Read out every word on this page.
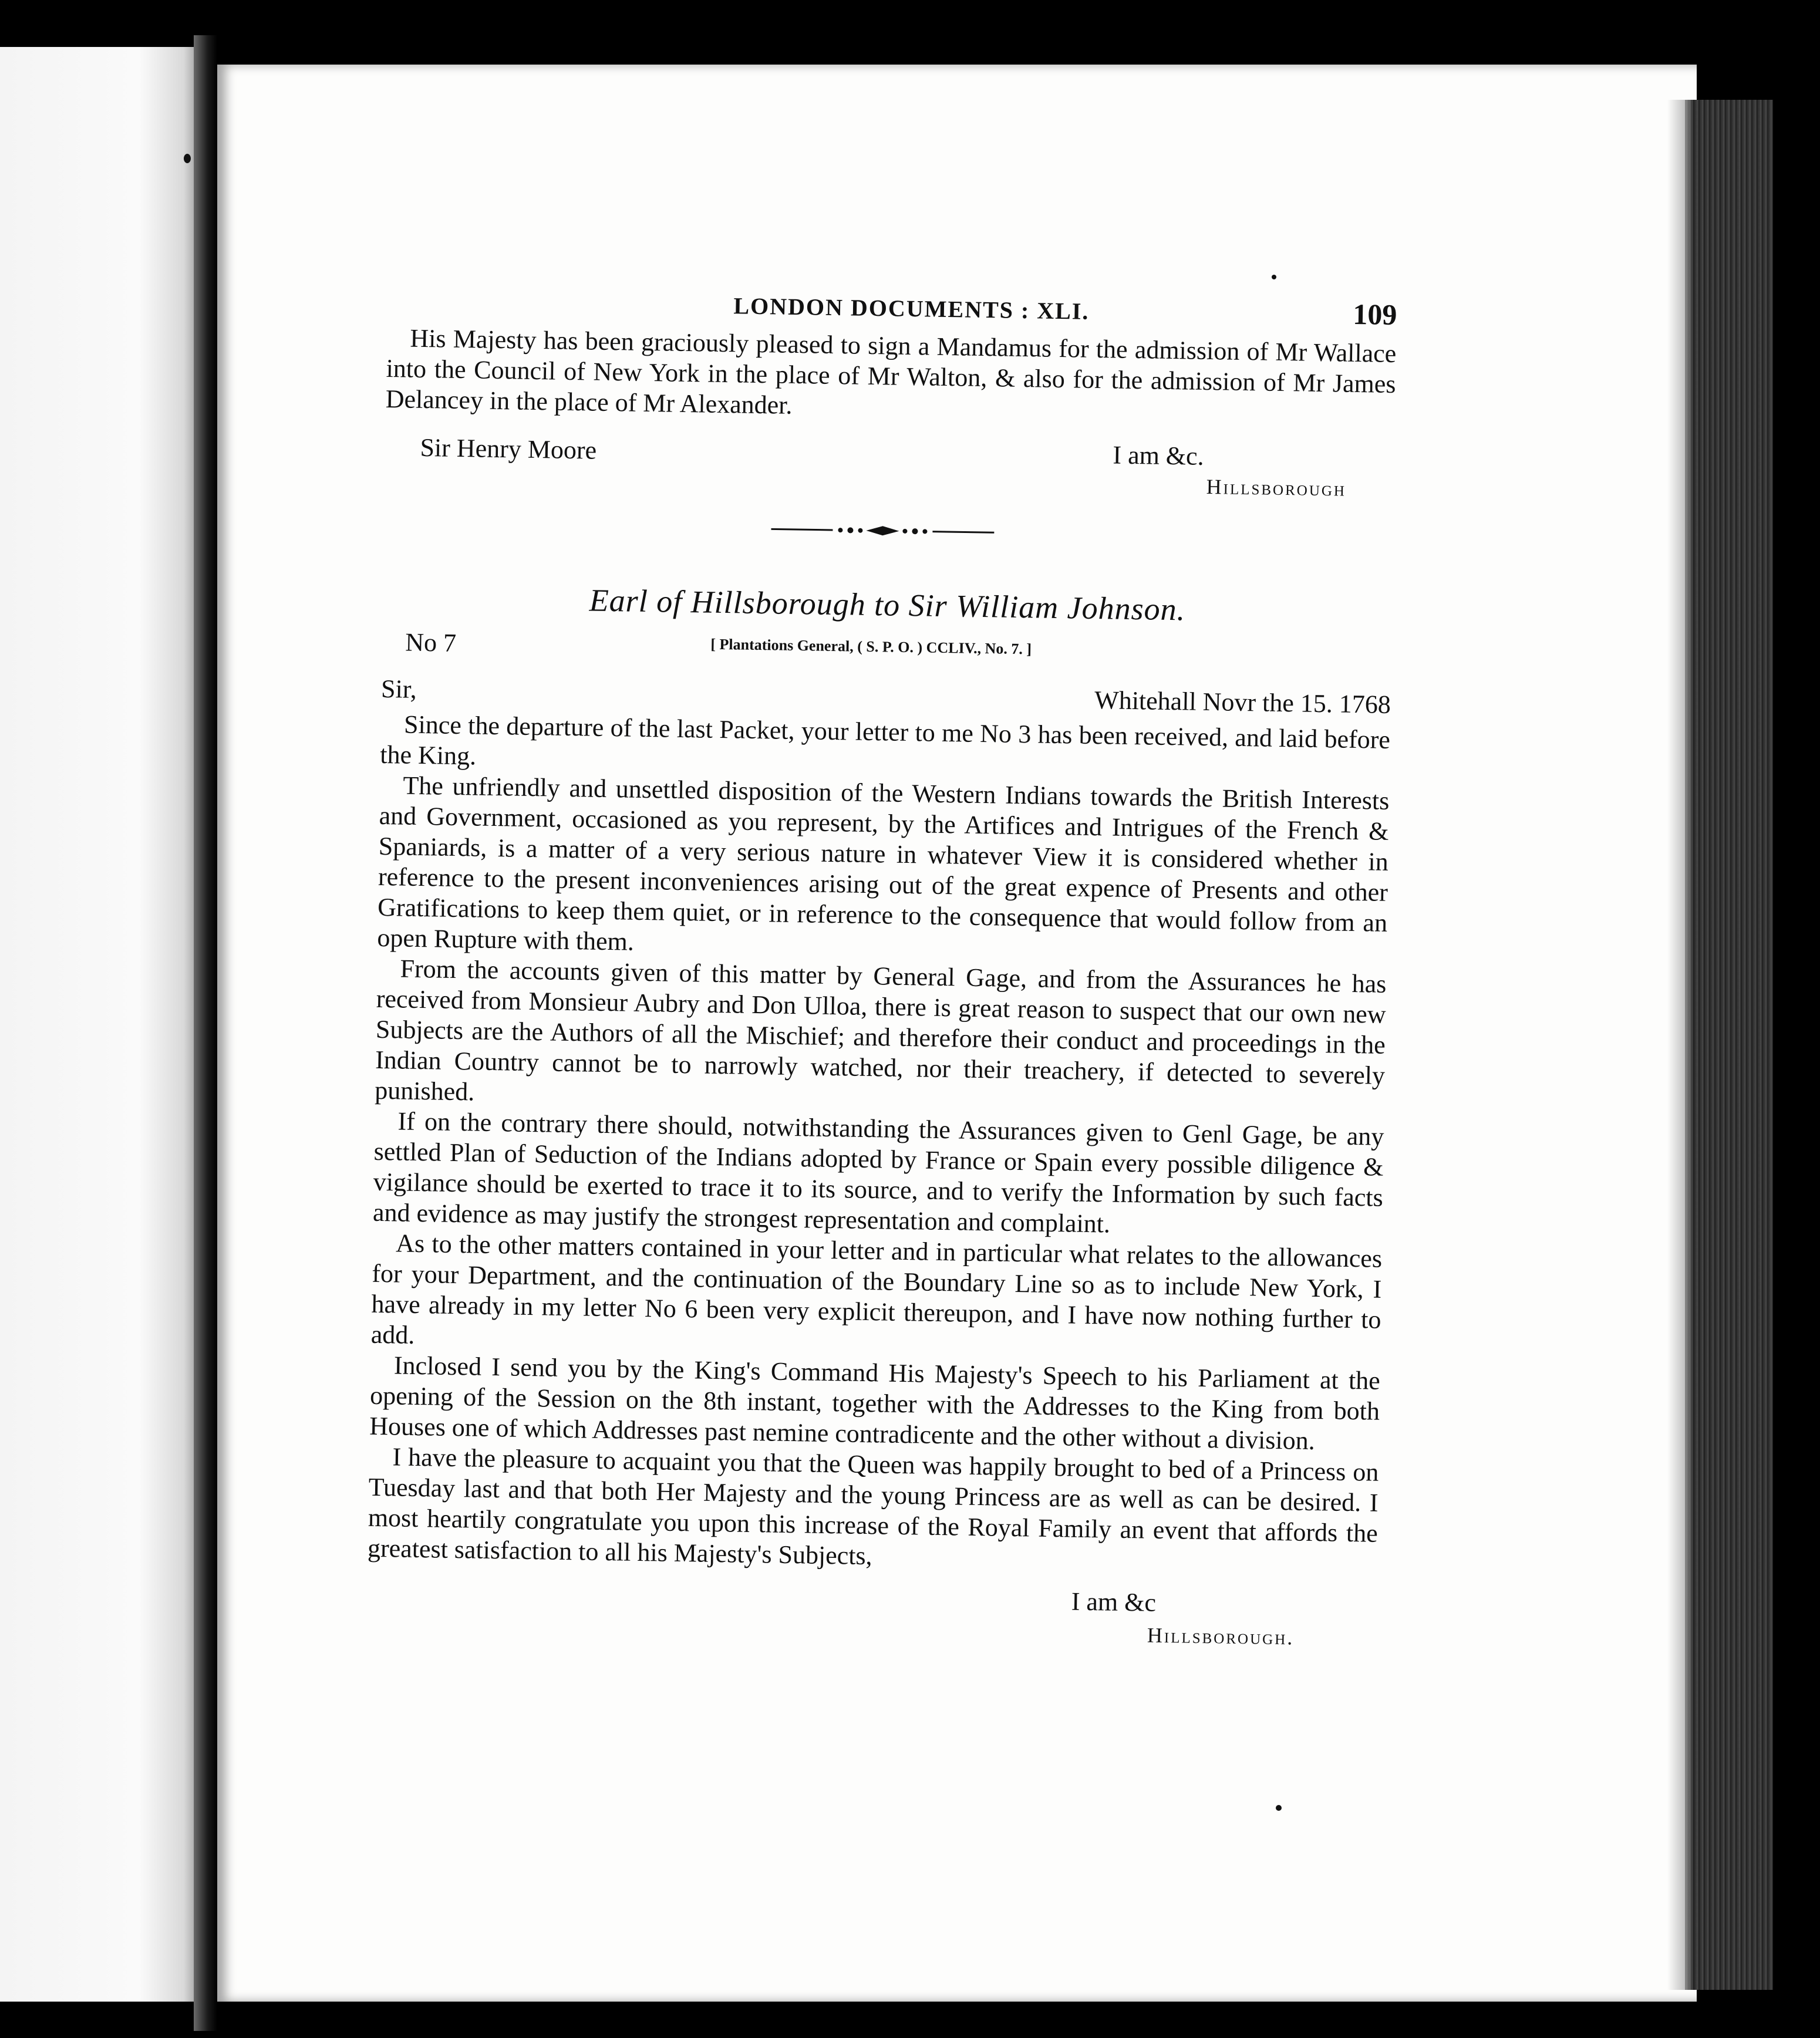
LONDON DOCUMENTS : XLI.	109

His Majesty has been graciously pleased to sign a Mandamus for the admission of Mr Wallace into the Council of New York in the place of Mr Walton, & also for the admission of Mr James Delancey in the place of Mr Alexander.

Sir Henry Moore	I am &c.
Hillsborough
Earl of Hillsborough to Sir William Johnson.
No 7	[ Plantations General, ( S. P. O. ) CCLIV., No. 7. ]
Sir,	Whitehall Novr the 15. 1768

Since the departure of the last Packet, your letter to me No 3 has been received, and laid before the King.

The unfriendly and unsettled disposition of the Western Indians towards the British Interests and Government, occasioned as you represent, by the Artifices and Intrigues of the French & Spaniards, is a matter of a very serious nature in whatever View it is considered whether in reference to the present inconveniences arising out of the great expence of Presents and other Gratifications to keep them quiet, or in reference to the consequence that would follow from an open Rupture with them.

From the accounts given of this matter by General Gage, and from the Assurances he has received from Monsieur Aubry and Don Ulloa, there is great reason to suspect that our own new Subjects are the Authors of all the Mischief; and therefore their conduct and proceedings in the Indian Country cannot be to narrowly watched, nor their treachery, if detected to severely punished.

If on the contrary there should, notwithstanding the Assurances given to Genl Gage, be any settled Plan of Seduction of the Indians adopted by France or Spain every possible diligence & vigilance should be exerted to trace it to its source, and to verify the Information by such facts and evidence as may justify the strongest representation and complaint.

As to the other matters contained in your letter and in particular what relates to the allowances for your Department, and the continuation of the Boundary Line so as to include New York, I have already in my letter No 6 been very explicit thereupon, and I have now nothing further to add.

Inclosed I send you by the King's Command His Majesty's Speech to his Parliament at the opening of the Session on the 8th instant, together with the Addresses to the King from both Houses one of which Addresses past nemine contradicente and the other without a division.

I have the pleasure to acquaint you that the Queen was happily brought to bed of a Princess on Tuesday last and that both Her Majesty and the young Princess are as well as can be desired. I most heartily congratulate you upon this increase of the Royal Family an event that affords the greatest satisfaction to all his Majesty's Subjects,

I am &c
Hillsborough.
